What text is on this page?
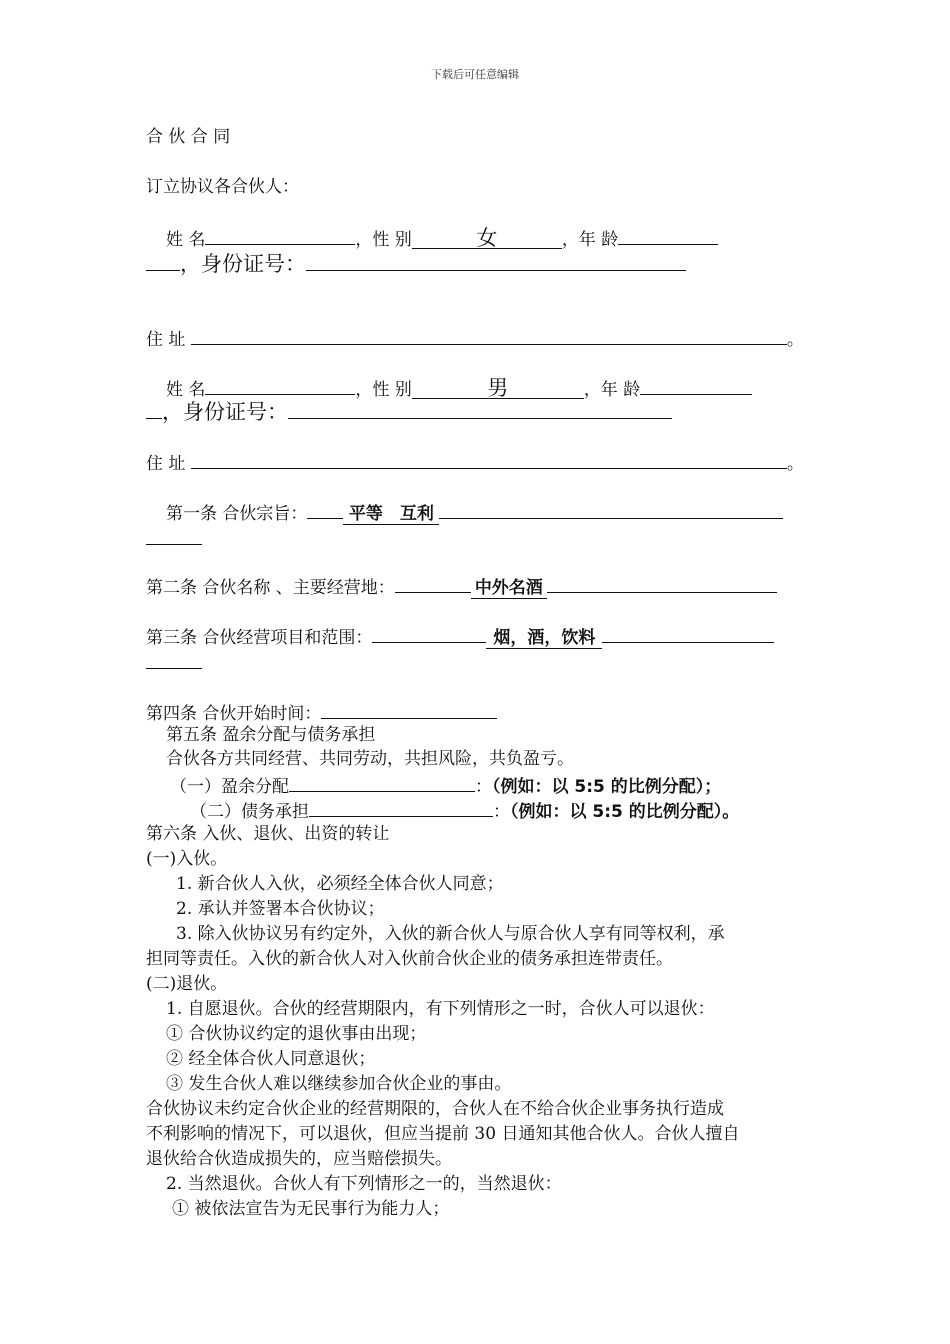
下载后可任意编辑
合 伙 合 同
订立协议各合伙人：
姓 名	，性 别	女	，年 龄
，身份证号：
住 址	。
姓 名	，性 别	男	，年 龄
，身份证号：
住 址	。
第一条 合伙宗旨： 平等　互利
第二条 合伙名称 、主要经营地：	中外名酒
第三条 合伙经营项目和范围：	烟，酒，饮料
第四条 合伙开始时间：
第五条 盈余分配与债务承担
合伙各方共同经营、共同劳动，共担风险，共负盈亏。
（一）盈余分配	：（例如：以 5:5 的比例分配）；
（二）债务承担	：（例如：以 5:5 的比例分配）。
第六条 入伙、退伙、出资的转让
(一)入伙。
1. 新合伙人入伙，必须经全体合伙人同意；
2. 承认并签署本合伙协议；
3. 除入伙协议另有约定外，入伙的新合伙人与原合伙人享有同等权利，承
担同等责任。入伙的新合伙人对入伙前合伙企业的债务承担连带责任。
(二)退伙。
1. 自愿退伙。合伙的经营期限内，有下列情形之一时，合伙人可以退伙：
① 合伙协议约定的退伙事由出现；
② 经全体合伙人同意退伙；
③ 发生合伙人难以继续参加合伙企业的事由。
合伙协议未约定合伙企业的经营期限的，合伙人在不给合伙企业事务执行造成
不利影响的情况下，可以退伙，但应当提前 30 日通知其他合伙人。合伙人擅自
退伙给合伙造成损失的，应当赔偿损失。
2. 当然退伙。合伙人有下列情形之一的，当然退伙：
① 被依法宣告为无民事行为能力人；
